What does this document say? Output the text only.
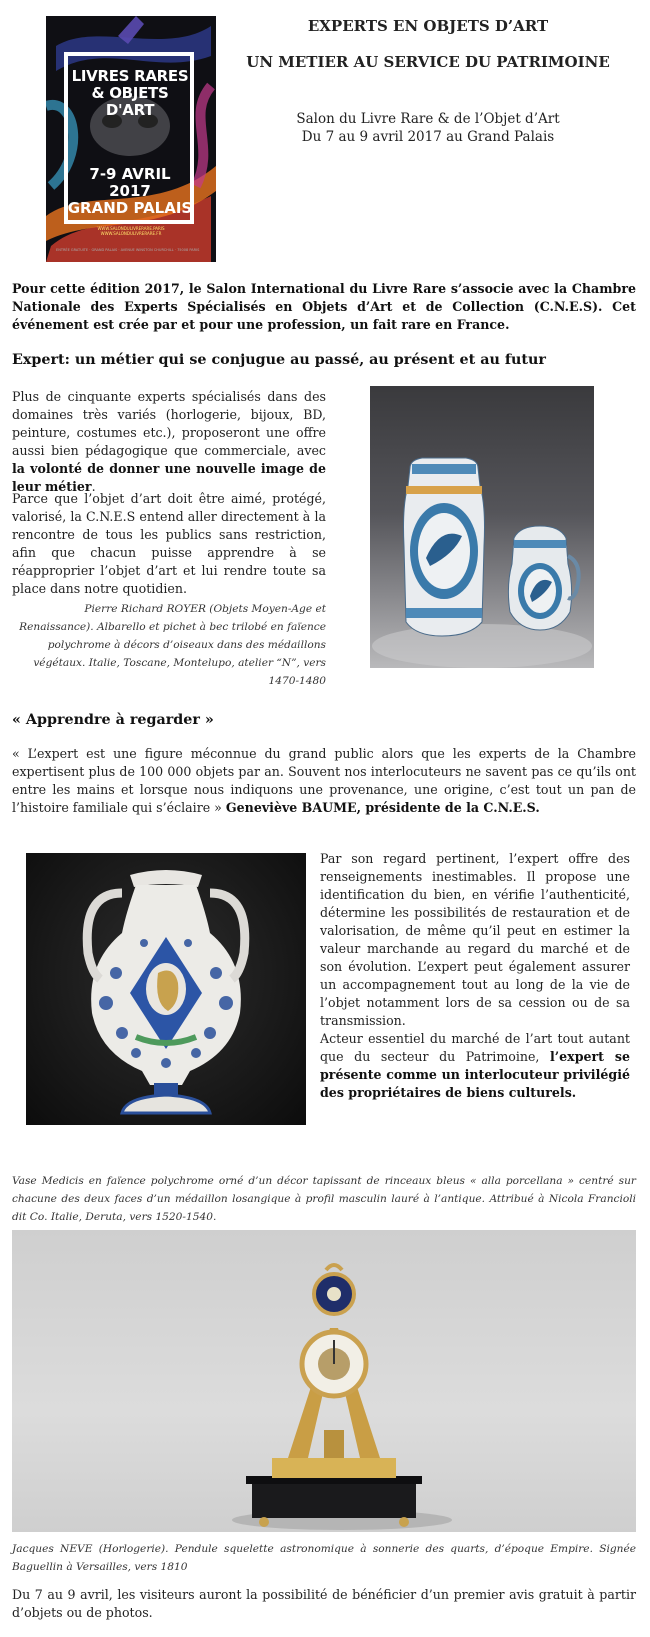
LIVRES RARES
& OBJETS D'ART
7-9 AVRIL 2017
GRAND PALAIS
WWW.SALONDULIVRERARE.PARIS
WWW.SALONDULIVRERARE.FR
ENTRÉE GRATUITE · GRAND PALAIS · AVENUE WINSTON CHURCHILL · 75008 PARIS
EXPERTS EN OBJETS D’ART
UN METIER AU SERVICE DU PATRIMOINE
Salon du Livre Rare & de l’Objet d’Art
Du 7 au 9 avril 2017 au Grand Palais

Pour cette édition 2017, le Salon International du Livre Rare s’associe avec la Chambre Nationale des Experts Spécialisés en Objets d’Art et de Collection (C.N.E.S). Cet événement est crée par et pour une profession, un fait rare en France.

Expert: un métier qui se conjugue au passé, au présent et au futur

Plus de cinquante experts spécialisés dans des domaines très variés (horlogerie, bijoux, BD, peinture, costumes etc.), proposeront une offre aussi bien pédagogique que commerciale, avec la volonté de donner une nouvelle image de leur métier.

Parce que l’objet d’art doit être aimé, protégé, valorisé, la C.N.E.S entend aller directement à la rencontre de tous les publics sans restriction, afin que chacun puisse apprendre à se réapproprier l’objet d’art et lui rendre toute sa place dans notre quotidien.

Pierre Richard ROYER (Objets Moyen-Age et Renaissance). Albarello et pichet à bec trilobé en faïence polychrome à décors d’oiseaux dans des médaillons végétaux. Italie, Toscane, Montelupo, atelier “N”, vers 1470-1480

« Apprendre à regarder »

« L’expert est une figure méconnue du grand public alors que les experts de la Chambre expertisent plus de 100 000 objets par an. Souvent nos interlocuteurs ne savent pas ce qu’ils ont entre les mains et lorsque nous indiquons une provenance, une origine, c’est tout un pan de l’histoire familiale qui s’éclaire » Geneviève BAUME, présidente de la C.N.E.S.

Par son regard pertinent, l’expert offre des renseignements inestimables. Il propose une identification du bien, en vérifie l’authenticité, détermine les possibilités de restauration et de valorisation, de même qu’il peut en estimer la valeur marchande au regard du marché et de son évolution. L’expert peut également assurer un accompagnement tout au long de la vie de l’objet notamment lors de sa cession ou de sa transmission.

Acteur essentiel du marché de l’art tout autant que du secteur du Patrimoine, l’expert se présente comme un interlocuteur privilégié des propriétaires de biens culturels.

Vase Medicis en faïence polychrome orné d’un décor tapissant de rinceaux bleus « alla porcellana » centré sur chacune des deux faces d’un médaillon losangique à profil masculin lauré à l’antique. Attribué à Nicola Francioli dit Co. Italie, Deruta, vers 1520-1540.

Jacques NEVE (Horlogerie). Pendule squelette astronomique à sonnerie des quarts, d’époque Empire. Signée Baguellin à Versailles, vers 1810

Du 7 au 9 avril, les visiteurs auront la possibilité de bénéficier d’un premier avis gratuit à partir d’objets ou de photos.
